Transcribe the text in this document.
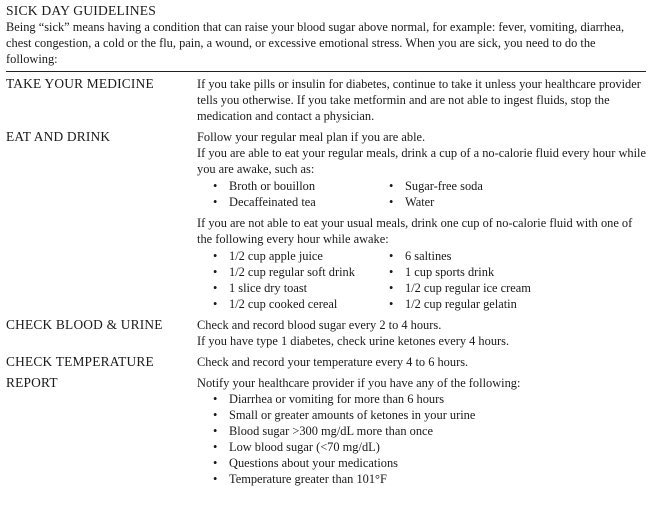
SICK DAY GUIDELINES
Being “sick” means having a condition that can raise your blood sugar above normal, for example: fever, vomiting, diarrhea, chest congestion, a cold or the flu, pain, a wound, or excessive emotional stress. When you are sick, you need to do the following:
TAKE YOUR MEDICINE	If you take pills or insulin for diabetes, continue to take it unless your healthcare provider tells you otherwise. If you take metformin and are not able to ingest fluids, stop the medication and contact a physician.
EAT AND DRINK	Follow your regular meal plan if you are able.
If you are able to eat your regular meals, drink a cup of a no-calorie fluid every hour while you are awake, such as:
• Broth or bouillon	• Sugar-free soda
• Decaffeinated tea	• Water
If you are not able to eat your usual meals, drink one cup of no-calorie fluid with one of the following every hour while awake:
• 1/2 cup apple juice	• 6 saltines
• 1/2 cup regular soft drink	• 1 cup sports drink
• 1 slice dry toast	• 1/2 cup regular ice cream
• 1/2 cup cooked cereal	• 1/2 cup regular gelatin
CHECK BLOOD & URINE	Check and record blood sugar every 2 to 4 hours.
If you have type 1 diabetes, check urine ketones every 4 hours.
CHECK TEMPERATURE	Check and record your temperature every 4 to 6 hours.
REPORT	Notify your healthcare provider if you have any of the following:
• Diarrhea or vomiting for more than 6 hours
• Small or greater amounts of ketones in your urine
• Blood sugar >300 mg/dL more than once
• Low blood sugar (<70 mg/dL)
• Questions about your medications
• Temperature greater than 101°F
